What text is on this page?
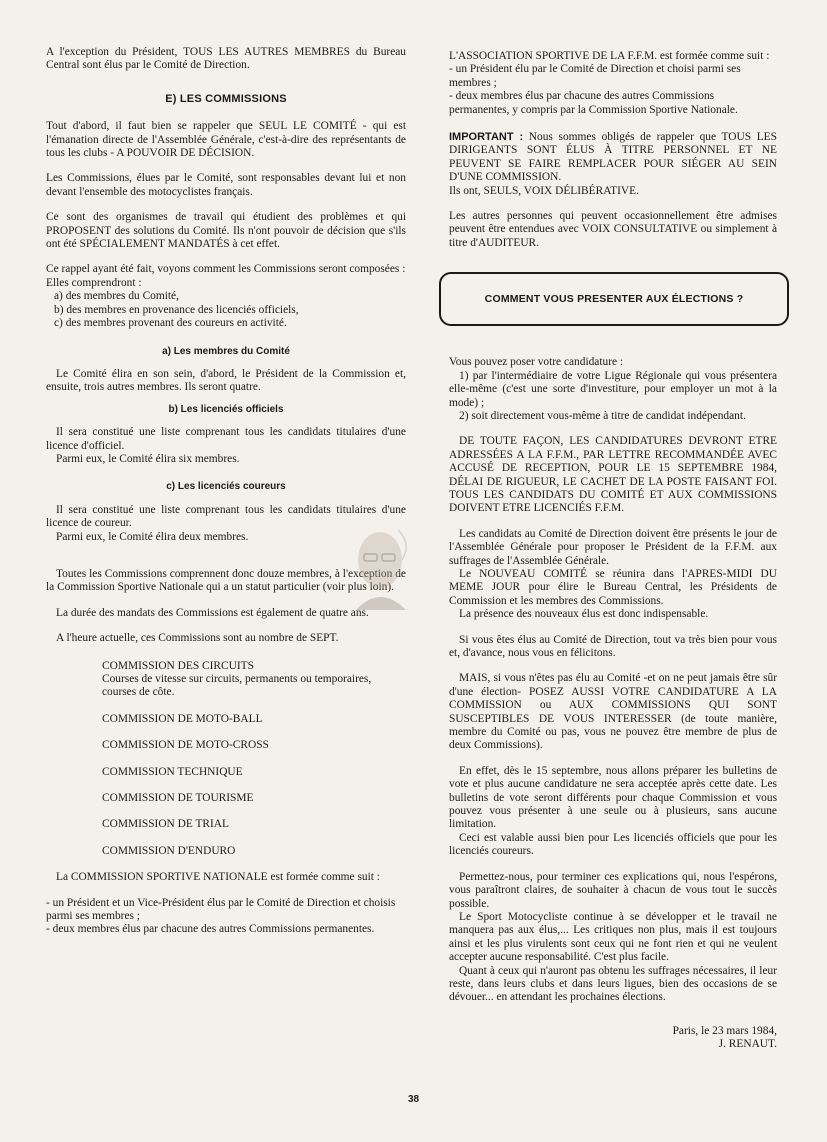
A l'exception du Président, TOUS LES AUTRES MEMBRES du Bureau Central sont élus par le Comité de Direction.

E) LES COMMISSIONS

Tout d'abord, il faut bien se rappeler que SEUL LE COMITÉ - qui est l'émanation directe de l'Assemblée Générale, c'est-à-dire des représentants de tous les clubs - A POUVOIR DE DÉCISION.

Les Commissions, élues par le Comité, sont responsables devant lui et non devant l'ensemble des motocyclistes français.

Ce sont des organismes de travail qui étudient des problèmes et qui PROPOSENT des solutions du Comité. Ils n'ont pouvoir de décision que s'ils ont été SPÉCIALEMENT MANDATÉS à cet effet.

Ce rappel ayant été fait, voyons comment les Commissions seront composées :

Elles comprendront :

a) des membres du Comité,
b) des membres en provenance des licenciés officiels,
c) des membres provenant des coureurs en activité.
a) Les membres du Comité

Le Comité élira en son sein, d'abord, le Président de la Commission et, ensuite, trois autres membres. Ils seront quatre.

b) Les licenciés officiels

Il sera constitué une liste comprenant tous les candidats titulaires d'une licence d'officiel.

Parmi eux, le Comité élira six membres.

c) Les licenciés coureurs

Il sera constitué une liste comprenant tous les candidats titulaires d'une licence de coureur.

Parmi eux, le Comité élira deux membres.

Toutes les Commissions comprennent donc douze membres, à l'exception de la Commission Sportive Nationale qui a un statut particulier (voir plus loin).

La durée des mandats des Commissions est également de quatre ans.

A l'heure actuelle, ces Commissions sont au nombre de SEPT.

COMMISSION DES CIRCUITS
Courses de vitesse sur circuits, permanents ou temporaires, courses de côte.
COMMISSION DE MOTO-BALL
COMMISSION DE MOTO-CROSS
COMMISSION TECHNIQUE
COMMISSION DE TOURISME
COMMISSION DE TRIAL
COMMISSION D'ENDURO

La COMMISSION SPORTIVE NATIONALE est formée comme suit :

- un Président et un Vice-Président élus par le Comité de Direction et choisis parmi ses membres ;
- deux membres élus par chacune des autres Commissions permanentes.

L'ASSOCIATION SPORTIVE DE LA F.F.M. est formée comme suit :

- un Président élu par le Comité de Direction et choisi parmi ses membres ;
- deux membres élus par chacune des autres Commissions permanentes, y compris par la Commission Sportive Nationale.

IMPORTANT : Nous sommes obligés de rappeler que TOUS LES DIRIGEANTS SONT ÉLUS À TITRE PERSONNEL ET NE PEUVENT SE FAIRE REMPLACER POUR SIÉGER AU SEIN D'UNE COMMISSION.

Ils ont, SEULS, VOIX DÉLIBÉRATIVE.

Les autres personnes qui peuvent occasionnellement être admises peuvent être entendues avec VOIX CONSULTATIVE ou simplement à titre d'AUDITEUR.

COMMENT VOUS PRESENTER AUX ÉLECTIONS ?

Vous pouvez poser votre candidature :

1) par l'intermédiaire de votre Ligue Régionale qui vous présentera elle-même (c'est une sorte d'investiture, pour employer un mot à la mode) ;

2) soit directement vous-même à titre de candidat indépendant.

DE TOUTE FAÇON, LES CANDIDATURES DEVRONT ETRE ADRESSÉES A LA F.F.M., PAR LETTRE RECOMMANDÉE AVEC ACCUSÉ DE RECEPTION, POUR LE 15 SEPTEMBRE 1984, DÉLAI DE RIGUEUR, LE CACHET DE LA POSTE FAISANT FOI. TOUS LES CANDIDATS DU COMITÉ ET AUX COMMISSIONS DOIVENT ETRE LICENCIÉS F.F.M.

Les candidats au Comité de Direction doivent être présents le jour de l'Assemblée Générale pour proposer le Président de la F.F.M. aux suffrages de l'Assemblée Générale.

Le NOUVEAU COMITÉ se réunira dans l'APRES-MIDI DU MEME JOUR pour élire le Bureau Central, les Présidents de Commission et les membres des Commissions.

La présence des nouveaux élus est donc indispensable.

Si vous êtes élus au Comité de Direction, tout va très bien pour vous et, d'avance, nous vous en félicitons.

MAIS, si vous n'êtes pas élu au Comité -et on ne peut jamais être sûr d'une élection- POSEZ AUSSI VOTRE CANDIDATURE A LA COMMISSION ou AUX COMMISSIONS QUI SONT SUSCEPTIBLES DE VOUS INTERESSER (de toute manière, membre du Comité ou pas, vous ne pouvez être membre de plus de deux Commissions).

En effet, dès le 15 septembre, nous allons préparer les bulletins de vote et plus aucune candidature ne sera acceptée après cette date. Les bulletins de vote seront différents pour chaque Commission et vous pouvez vous présenter à une seule ou à plusieurs, sans aucune limitation.

Ceci est valable aussi bien pour Les licenciés officiels que pour les licenciés coureurs.

Permettez-nous, pour terminer ces explications qui, nous l'espérons, vous paraîtront claires, de souhaiter à chacun de vous tout le succès possible.

Le Sport Motocycliste continue à se développer et le travail ne manquera pas aux élus,... Les critiques non plus, mais il est toujours ainsi et les plus virulents sont ceux qui ne font rien et qui ne veulent accepter aucune responsabilité. C'est plus facile.

Quant à ceux qui n'auront pas obtenu les suffrages nécessaires, il leur reste, dans leurs clubs et dans leurs ligues, bien des occasions de se dévouer... en attendant les prochaines élections.

Paris, le 23 mars 1984,
J. RENAUT.
38
